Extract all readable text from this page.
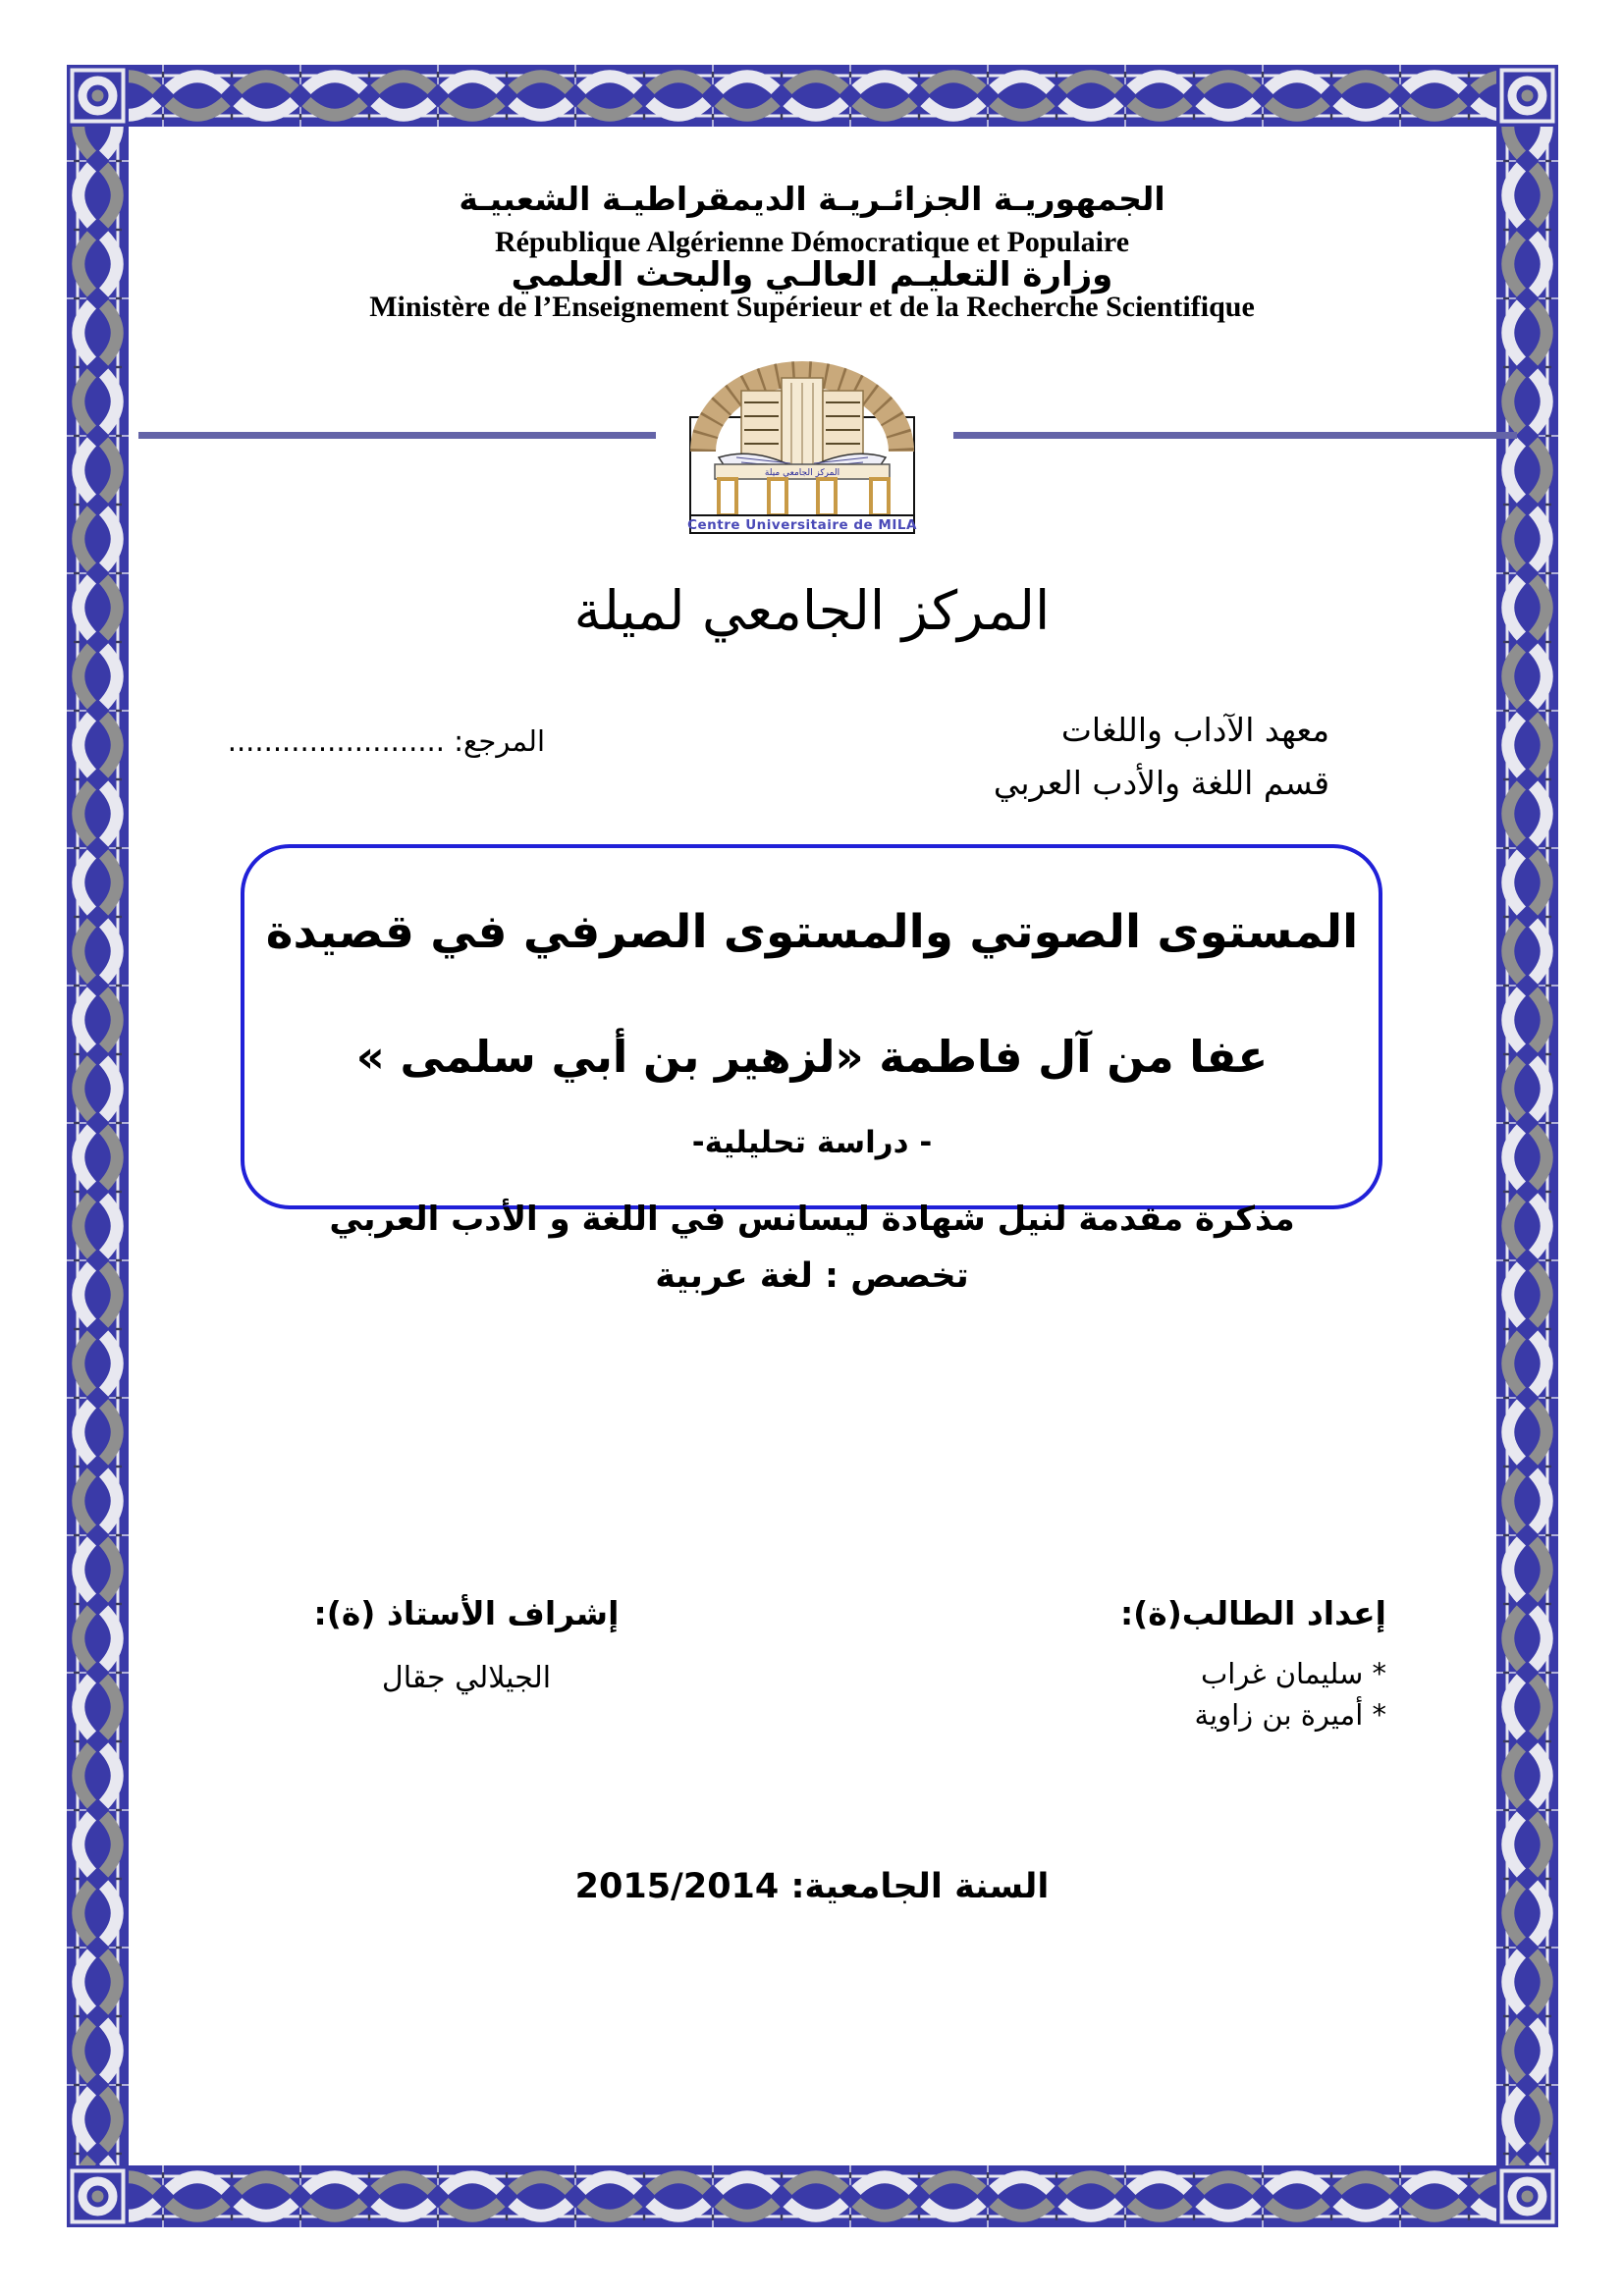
الجمهوريـة الجزائـريـة الديمقراطيـة الشعبيـة
République Algérienne Démocratique et Populaire
وزارة التعليـم العالـي والبحث العلمي
Ministère de l’Enseignement Supérieur et de la Recherche Scientifique
المركز الجامعي ميلة
Centre Universitaire de MILA
المركز الجامعي لميلة
معهد الآداب واللغات
قسم اللغة والأدب العربي
المرجع: ........................
المستوى الصوتي والمستوى الصرفي في قصيدة
عفا من آل فاطمة «لزهير بن أبي سلمى »
- دراسة تحليلية-
مذكرة مقدمة لنيل شهادة ليسانس في اللغة و الأدب العربي
تخصص : لغة عربية
إعداد الطالب(ة):
* سليمان غراب
* أميرة بن زاوية
إشراف الأستاذ (ة):
الجيلالي جقال
السنة الجامعية: 2015/2014
